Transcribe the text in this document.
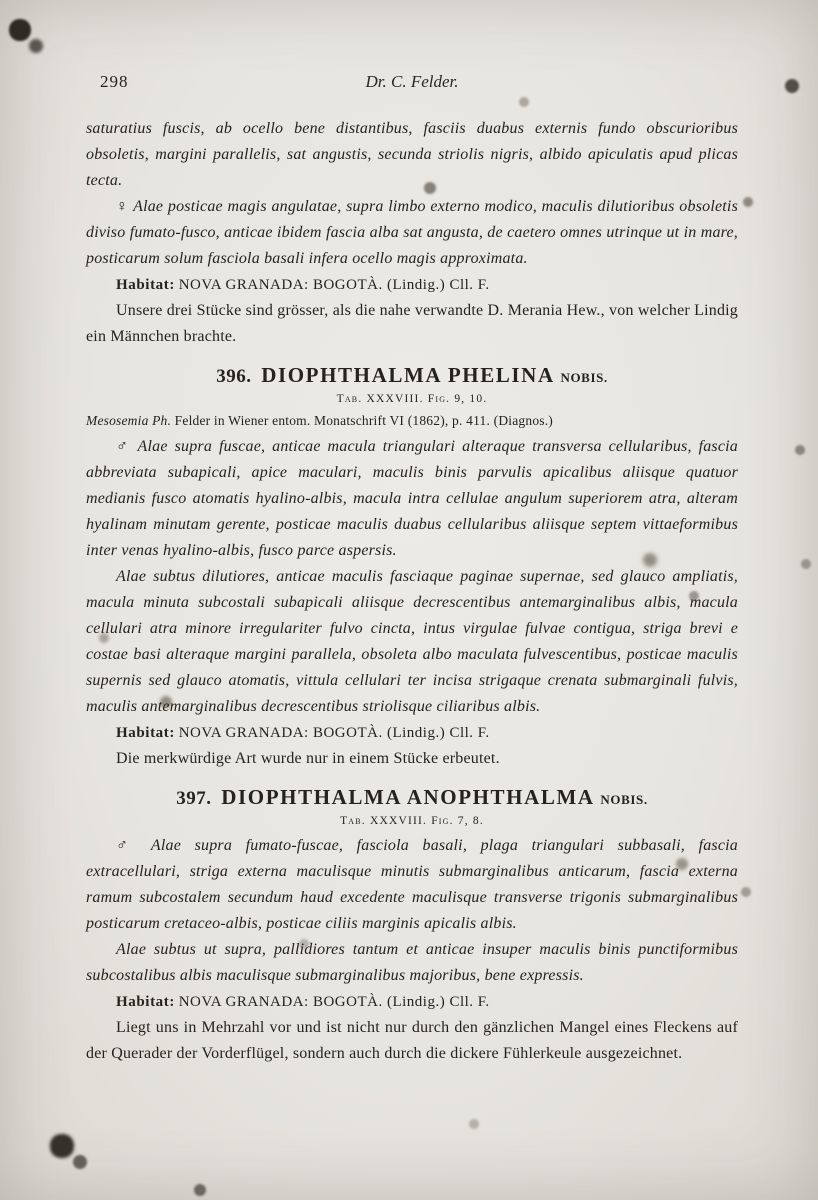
298	Dr. C. Felder.

saturatius fuscis, ab ocello bene distantibus, fasciis duabus externis fundo obscurioribus obsoletis, margini parallelis, sat angustis, secunda striolis nigris, albido apiculatis apud plicas tecta.

♀ Alae posticae magis angulatae, supra limbo externo modico, maculis dilutioribus obsoletis diviso fumato-fusco, anticae ibidem fascia alba sat angusta, de caetero omnes utrinque ut in mare, posticarum solum fasciola basali infera ocello magis approximata.

Habitat: NOVA GRANADA: BOGOTÀ. (Lindig.) Cll. F.

Unsere drei Stücke sind grösser, als die nahe verwandte D. Merania Hew., von welcher Lindig ein Männchen brachte.

396. DIOPHTHALMA PHELINA NOBIS.
Tab. XXXVIII. Fig. 9, 10.

Mesosemia Ph. Felder in Wiener entom. Monatschrift VI (1862), p. 411. (Diagnos.)

♂ Alae supra fuscae, anticae macula triangulari alteraque transversa cellularibus, fascia abbreviata subapicali, apice maculari, maculis binis parvulis apicalibus aliisque quatuor medianis fusco atomatis hyalino-albis, macula intra cellulae angulum superiorem atra, alteram hyalinam minutam gerente, posticae maculis duabus cellularibus aliisque septem vittaeformibus inter venas hyalino-albis, fusco parce aspersis.

Alae subtus dilutiores, anticae maculis fasciaque paginae supernae, sed glauco ampliatis, macula minuta subcostali subapicali aliisque decrescentibus antemarginalibus albis, macula cellulari atra minore irregulariter fulvo cincta, intus virgulae fulvae contigua, striga brevi e costae basi alteraque margini parallela, obsoleta albo maculata fulvescentibus, posticae maculis supernis sed glauco atomatis, vittula cellulari ter incisa strigaque crenata submarginali fulvis, maculis antemarginalibus decrescentibus striolisque ciliaribus albis.

Habitat: NOVA GRANADA: BOGOTÀ. (Lindig.) Cll. F.

Die merkwürdige Art wurde nur in einem Stücke erbeutet.

397. DIOPHTHALMA ANOPHTHALMA NOBIS.
Tab. XXXVIII. Fig. 7, 8.

♂ Alae supra fumato-fuscae, fasciola basali, plaga triangulari subbasali, fascia extracellulari, striga externa maculisque minutis submarginalibus anticarum, fascia externa ramum subcostalem secundum haud excedente maculisque transverse trigonis submarginalibus posticarum cretaceo-albis, posticae ciliis marginis apicalis albis.

Alae subtus ut supra, pallidiores tantum et anticae insuper maculis binis punctiformibus subcostalibus albis maculisque submarginalibus majoribus, bene expressis.

Habitat: NOVA GRANADA: BOGOTÀ. (Lindig.) Cll. F.

Liegt uns in Mehrzahl vor und ist nicht nur durch den gänzlichen Mangel eines Fleckens auf der Querader der Vorderflügel, sondern auch durch die dickere Fühlerkeule ausgezeichnet.
